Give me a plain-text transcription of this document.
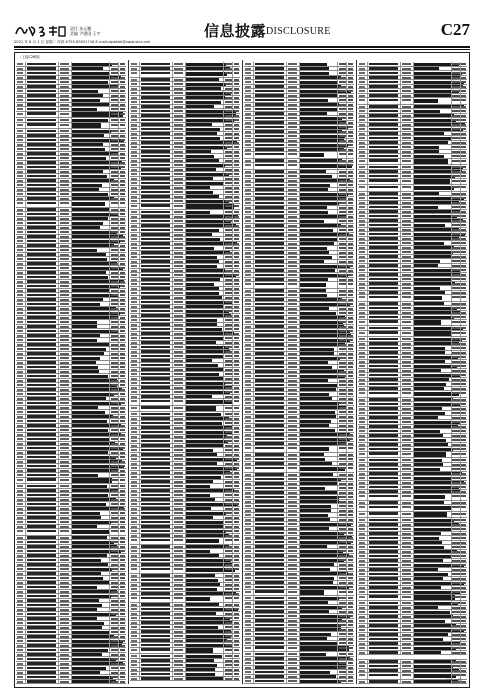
责任 朱元鹏
美编 尹建国 王宇
2021 年 8 月 1 日 星期二 传真:0755-83501716 E-mail:zqsbtbh@zqsb.stcn.net
信息披露 DISCLOSURE	C27
（上接C26版）
（下转C28版）
